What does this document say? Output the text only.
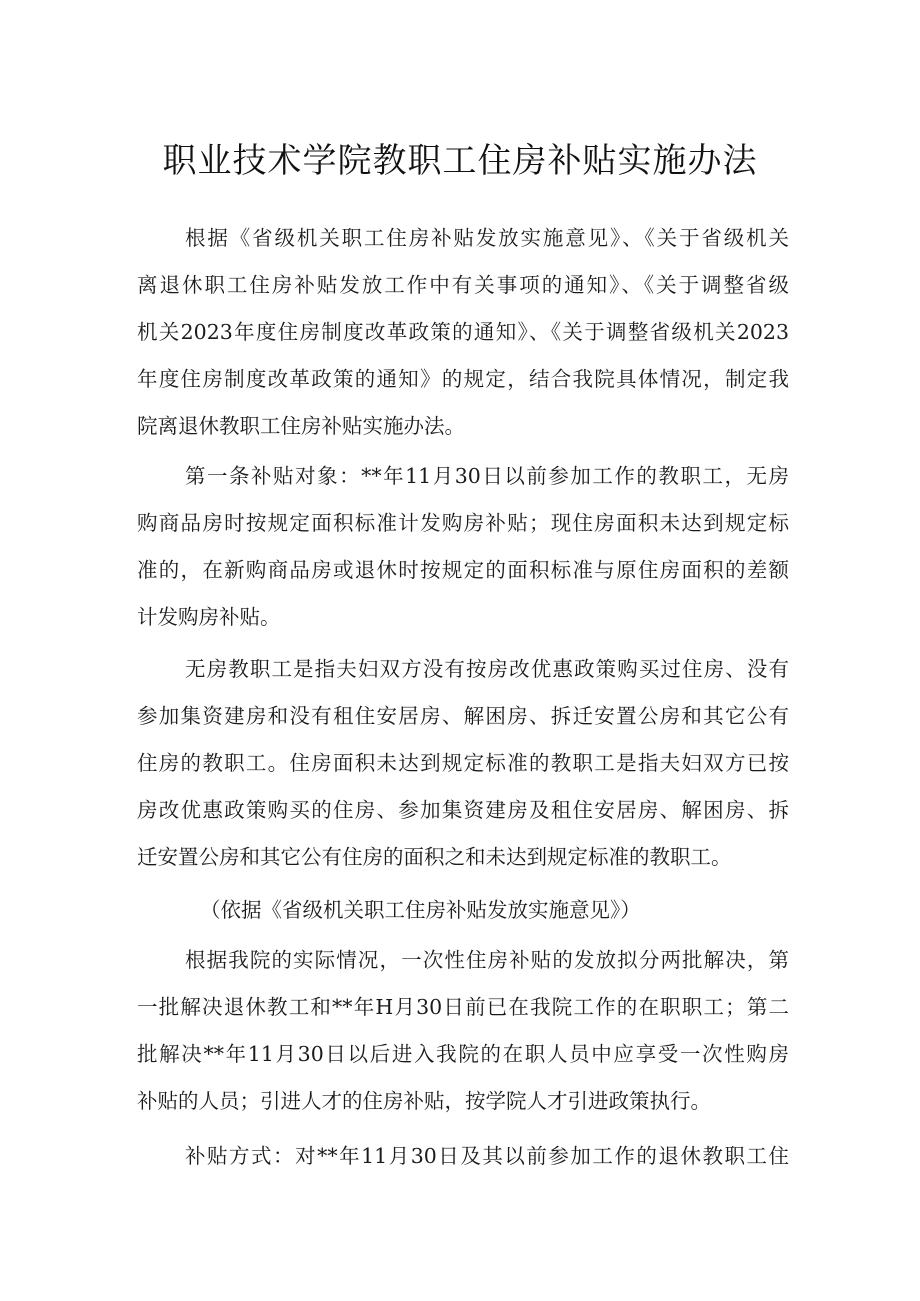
职业技术学院教职工住房补贴实施办法
根据《省级机关职工住房补贴发放实施意见》、《关于省级机关
离退休职工住房补贴发放工作中有关事项的通知》、《关于调整省级
机关2023年度住房制度改革政策的通知》、《关于调整省级机关2023
年度住房制度改革政策的通知》的规定，结合我院具体情况，制定我
院离退休教职工住房补贴实施办法。
第一条补贴对象：**年11月30日以前参加工作的教职工，无房
购商品房时按规定面积标准计发购房补贴；现住房面积未达到规定标
准的，在新购商品房或退休时按规定的面积标准与原住房面积的差额
计发购房补贴。
无房教职工是指夫妇双方没有按房改优惠政策购买过住房、没有
参加集资建房和没有租住安居房、解困房、拆迁安置公房和其它公有
住房的教职工。住房面积未达到规定标准的教职工是指夫妇双方已按
房改优惠政策购买的住房、参加集资建房及租住安居房、解困房、拆
迁安置公房和其它公有住房的面积之和未达到规定标准的教职工。
（依据《省级机关职工住房补贴发放实施意见》）
根据我院的实际情况，一次性住房补贴的发放拟分两批解决，第
一批解决退休教工和**年H月30日前已在我院工作的在职职工；第二
批解决**年11月30日以后进入我院的在职人员中应享受一次性购房
补贴的人员；引进人才的住房补贴，按学院人才引进政策执行。
补贴方式：对**年11月30日及其以前参加工作的退休教职工住
